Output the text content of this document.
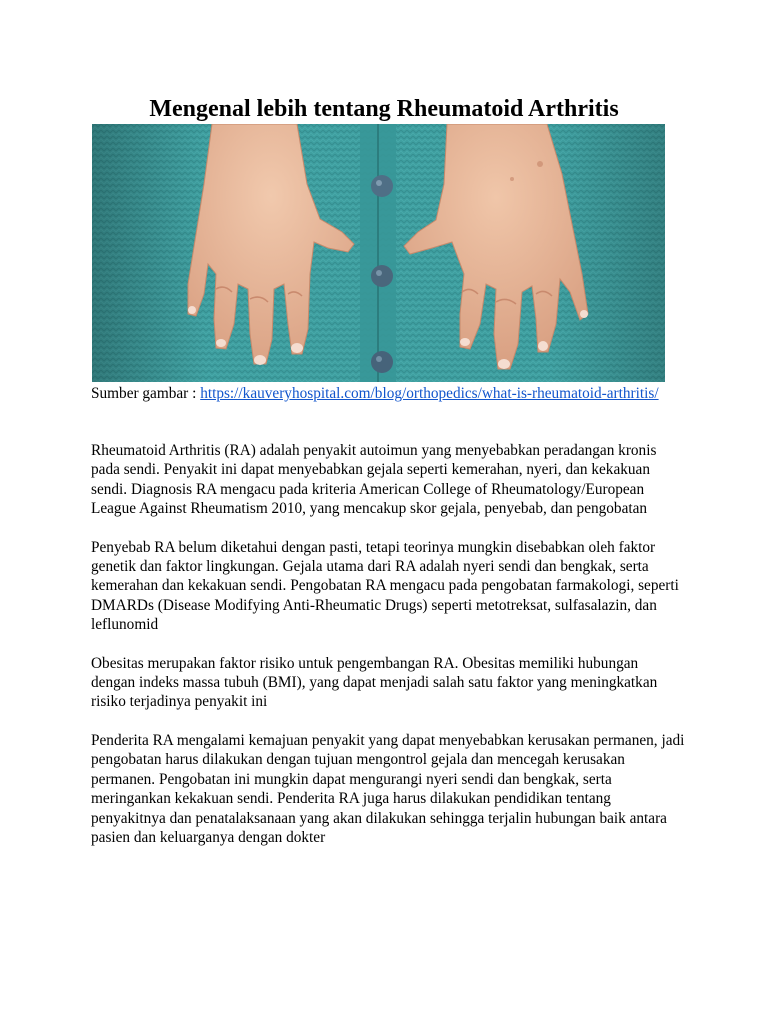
Mengenal lebih tentang Rheumatoid Arthritis
Sumber gambar : https://kauveryhospital.com/blog/orthopedics/what-is-rheumatoid-arthritis/

Rheumatoid Arthritis (RA) adalah penyakit autoimun yang menyebabkan peradangan kronis pada sendi. Penyakit ini dapat menyebabkan gejala seperti kemerahan, nyeri, dan kekakuan sendi. Diagnosis RA mengacu pada kriteria American College of Rheumatology/European League Against Rheumatism 2010, yang mencakup skor gejala, penyebab, dan pengobatan

Penyebab RA belum diketahui dengan pasti, tetapi teorinya mungkin disebabkan oleh faktor genetik dan faktor lingkungan. Gejala utama dari RA adalah nyeri sendi dan bengkak, serta kemerahan dan kekakuan sendi. Pengobatan RA mengacu pada pengobatan farmakologi, seperti DMARDs (Disease Modifying Anti-Rheumatic Drugs) seperti metotreksat, sulfasalazin, dan leflunomid

Obesitas merupakan faktor risiko untuk pengembangan RA. Obesitas memiliki hubungan dengan indeks massa tubuh (BMI), yang dapat menjadi salah satu faktor yang meningkatkan risiko terjadinya penyakit ini

Penderita RA mengalami kemajuan penyakit yang dapat menyebabkan kerusakan permanen, jadi pengobatan harus dilakukan dengan tujuan mengontrol gejala dan mencegah kerusakan permanen. Pengobatan ini mungkin dapat mengurangi nyeri sendi dan bengkak, serta meringankan kekakuan sendi. Penderita RA juga harus dilakukan pendidikan tentang penyakitnya dan penatalaksanaan yang akan dilakukan sehingga terjalin hubungan baik antara pasien dan keluarganya dengan dokter
